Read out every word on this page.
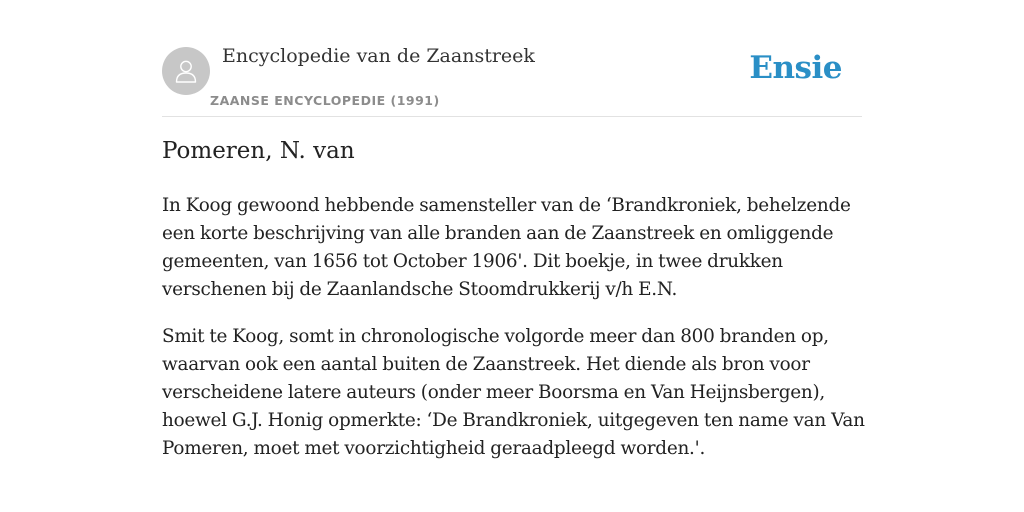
Encyclopedie van de Zaanstreek
ZAANSE ENCYCLOPEDIE (1991)
Ensie
Pomeren, N. van

In Koog gewoond hebbende samensteller van de ‘Brandkroniek, behelzende een korte beschrijving van alle branden aan de Zaanstreek en omliggende gemeenten, van 1656 tot October 1906'. Dit boekje, in twee drukken verschenen bij de Zaanlandsche Stoomdrukkerij v/h E.N.

Smit te Koog, somt in chronologische volgorde meer dan 800 branden op, waarvan ook een aantal buiten de Zaanstreek. Het diende als bron voor verscheidene latere auteurs (onder meer Boorsma en Van Heijnsbergen), hoewel G.J. Honig opmerkte: ‘De Brandkroniek, uitgegeven ten name van Van Pomeren, moet met voorzichtigheid geraadpleegd worden.'.
